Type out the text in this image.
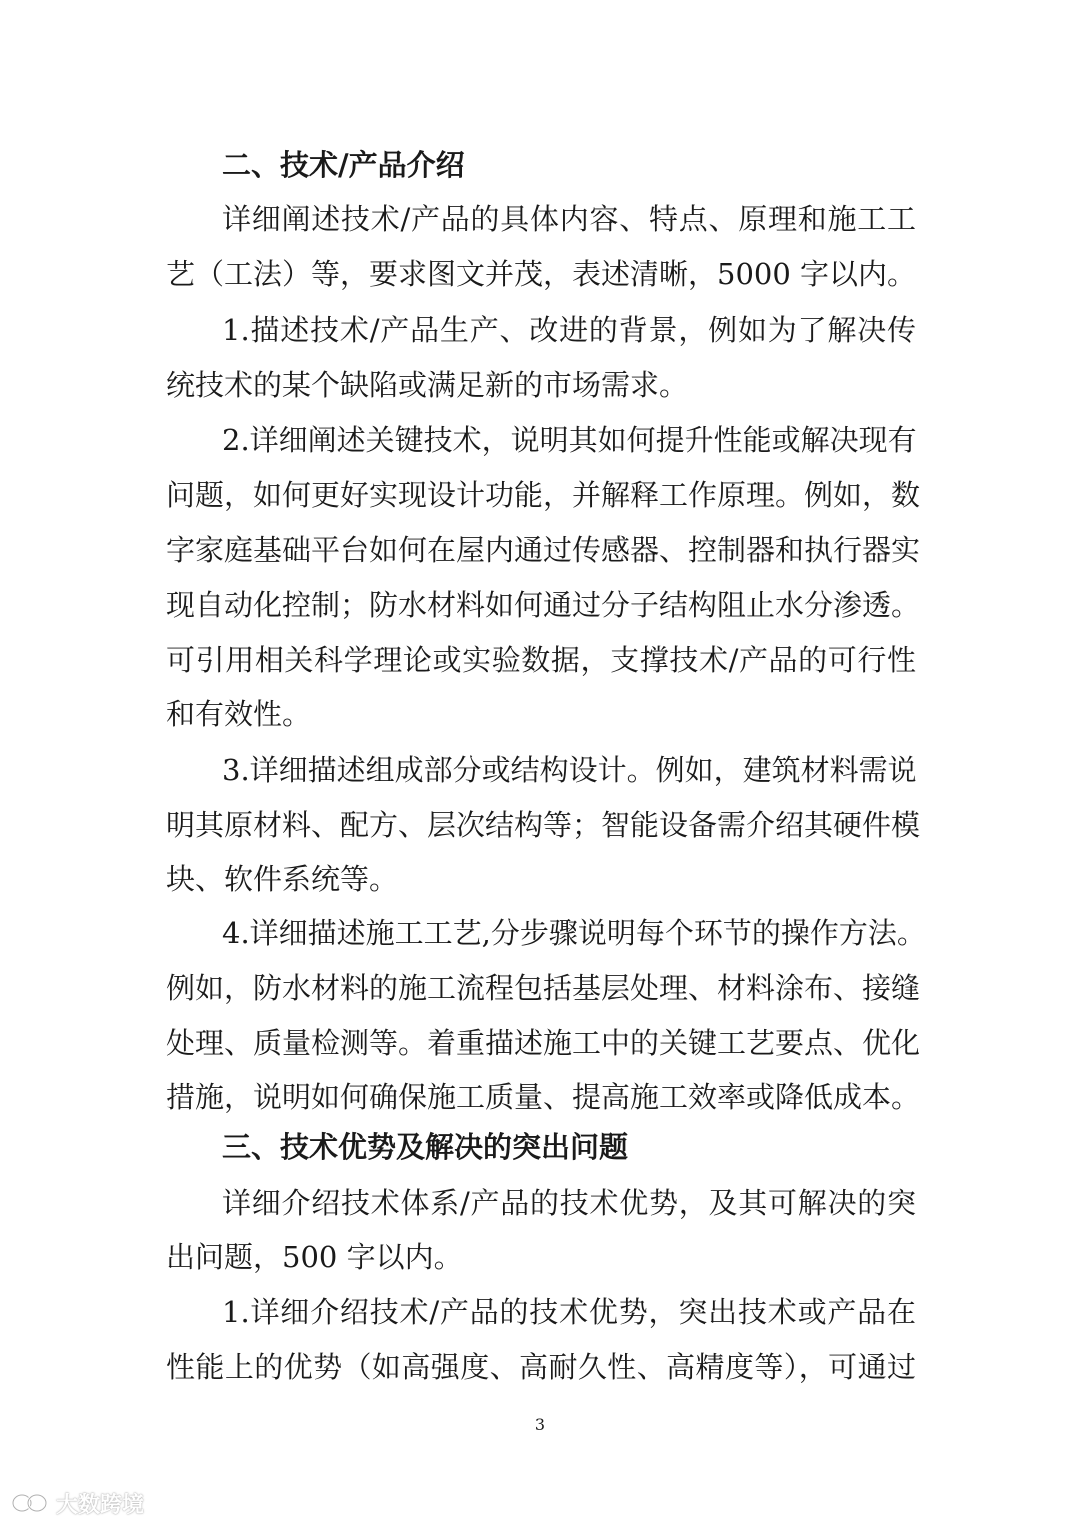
二、技术/产品介绍
详细阐述技术/产品的具体内容、特点、原理和施工工
艺（工法）等，要求图文并茂，表述清晰，5000 字以内。
1.描述技术/产品生产、改进的背景，例如为了解决传
统技术的某个缺陷或满足新的市场需求。
2.详细阐述关键技术，说明其如何提升性能或解决现有
问题，如何更好实现设计功能，并解释工作原理。例如，数
字家庭基础平台如何在屋内通过传感器、控制器和执行器实
现自动化控制；防水材料如何通过分子结构阻止水分渗透。
可引用相关科学理论或实验数据，支撑技术/产品的可行性
和有效性。
3.详细描述组成部分或结构设计。例如，建筑材料需说
明其原材料、配方、层次结构等；智能设备需介绍其硬件模
块、软件系统等。
4.详细描述施工工艺,分步骤说明每个环节的操作方法。
例如，防水材料的施工流程包括基层处理、材料涂布、接缝
处理、质量检测等。着重描述施工中的关键工艺要点、优化
措施，说明如何确保施工质量、提高施工效率或降低成本。
三、技术优势及解决的突出问题
详细介绍技术体系/产品的技术优势，及其可解决的突
出问题，500 字以内。
1.详细介绍技术/产品的技术优势，突出技术或产品在
性能上的优势（如高强度、高耐久性、高精度等），可通过
3
大数跨境
